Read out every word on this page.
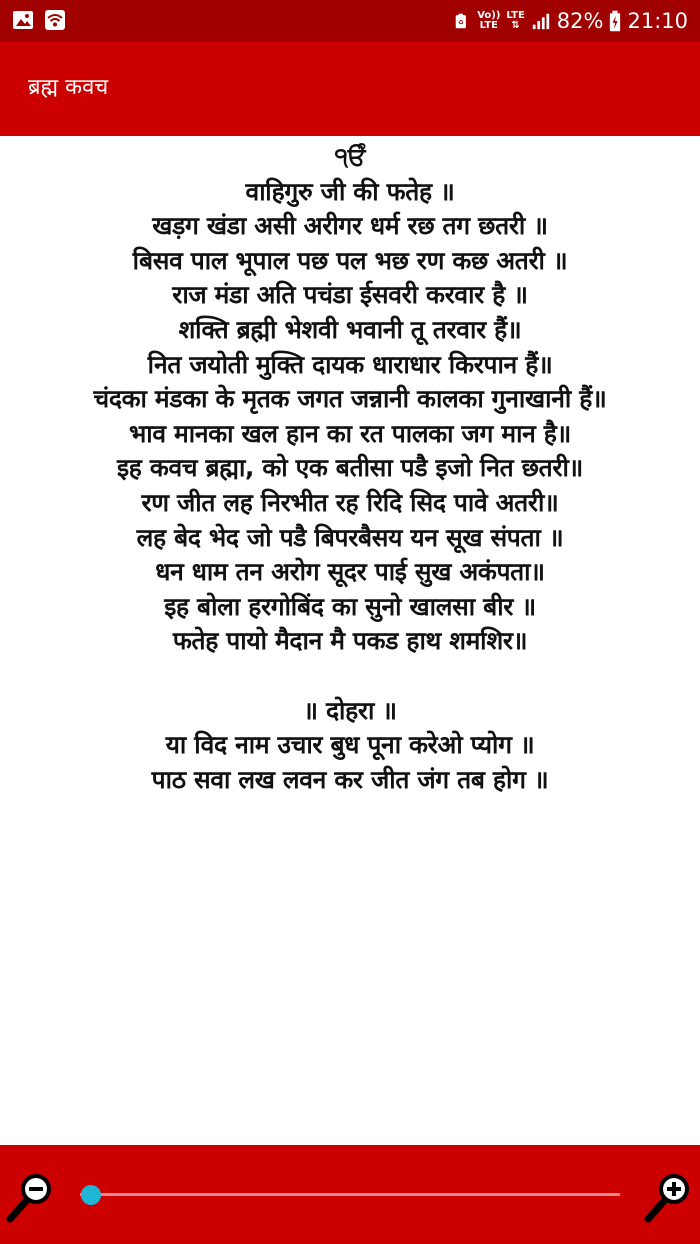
♻
Vo))
LTE
LTE
⇅ 82% 21:10
ब्रह्म कवच
੧ੳੰ
वाहिगुरु जी की फतेह ॥
खड़ग खंडा असी अरीगर धर्म रछ तग छतरी ॥
बिसव पाल भूपाल पछ पल भछ रण कछ अतरी ॥
राज मंडा अति पचंडा ईसवरी करवार है ॥
शक्ति ब्रह्मी भेशवी भवानी तू तरवार हैं॥
नित जयोती मुक्ति दायक धाराधार किरपान हैं॥
चंदका मंडका के मृतक जगत जन्नानी कालका गुनाखानी हैं॥
भाव मानका खल हान का रत पालका जग मान है॥
इह कवच ब्रह्मा, को एक बतीसा पडै इजो नित छतरी॥
रण जीत लह निरभीत रह रिदि सिद पावे अतरी॥
लह बेद भेद जो पडै बिपरबैसय यन सूख संपता ॥
धन धाम तन अरोग सूदर पाई सुख अकंपता॥
इह बोला हरगोबिंद का सुनो खालसा बीर ॥
फतेह पायो मैदान मै पकड हाथ शमशिर॥
॥ दोहरा ॥
या विद नाम उचार बुध पूना करेओ प्योग ॥
पाठ सवा लख लवन कर जीत जंग तब होग ॥
